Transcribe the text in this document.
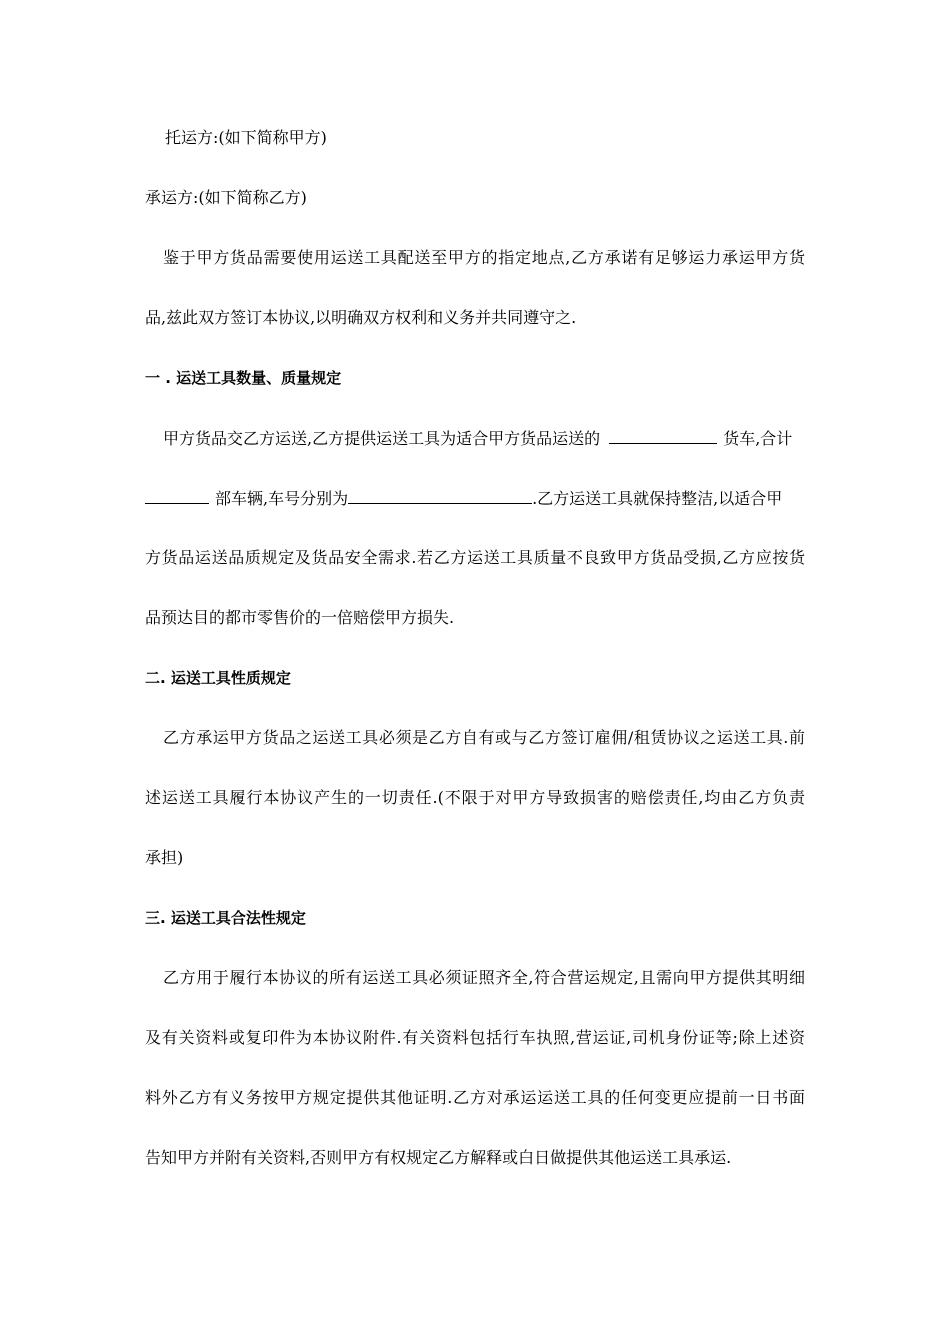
托运方:(如下简称甲方)
承运方:(如下简称乙方)
鉴于甲方货品需要使用运送工具配送至甲方的指定地点,乙方承诺有足够运力承运甲方货
品,兹此双方签订本协议,以明确双方权利和义务并共同遵守之.
一 . 运送工具数量、质量规定
甲方货品交乙方运送,乙方提供运送工具为适合甲方货品运送的	货车,合计
部车辆,车号分别为	.乙方运送工具就保持整洁,以适合甲
方货品运送品质规定及货品安全需求.若乙方运送工具质量不良致甲方货品受损,乙方应按货
品预达目的都市零售价的一倍赔偿甲方损失.
二. 运送工具性质规定
乙方承运甲方货品之运送工具必须是乙方自有或与乙方签订雇佣/租赁协议之运送工具.前
述运送工具履行本协议产生的一切责任.(不限于对甲方导致损害的赔偿责任,均由乙方负责
承担)
三. 运送工具合法性规定
乙方用于履行本协议的所有运送工具必须证照齐全,符合营运规定,且需向甲方提供其明细
及有关资料或复印件为本协议附件.有关资料包括行车执照,营运证,司机身份证等;除上述资
料外乙方有义务按甲方规定提供其他证明.乙方对承运运送工具的任何变更应提前一日书面
告知甲方并附有关资料,否则甲方有权规定乙方解释或白日做提供其他运送工具承运.
